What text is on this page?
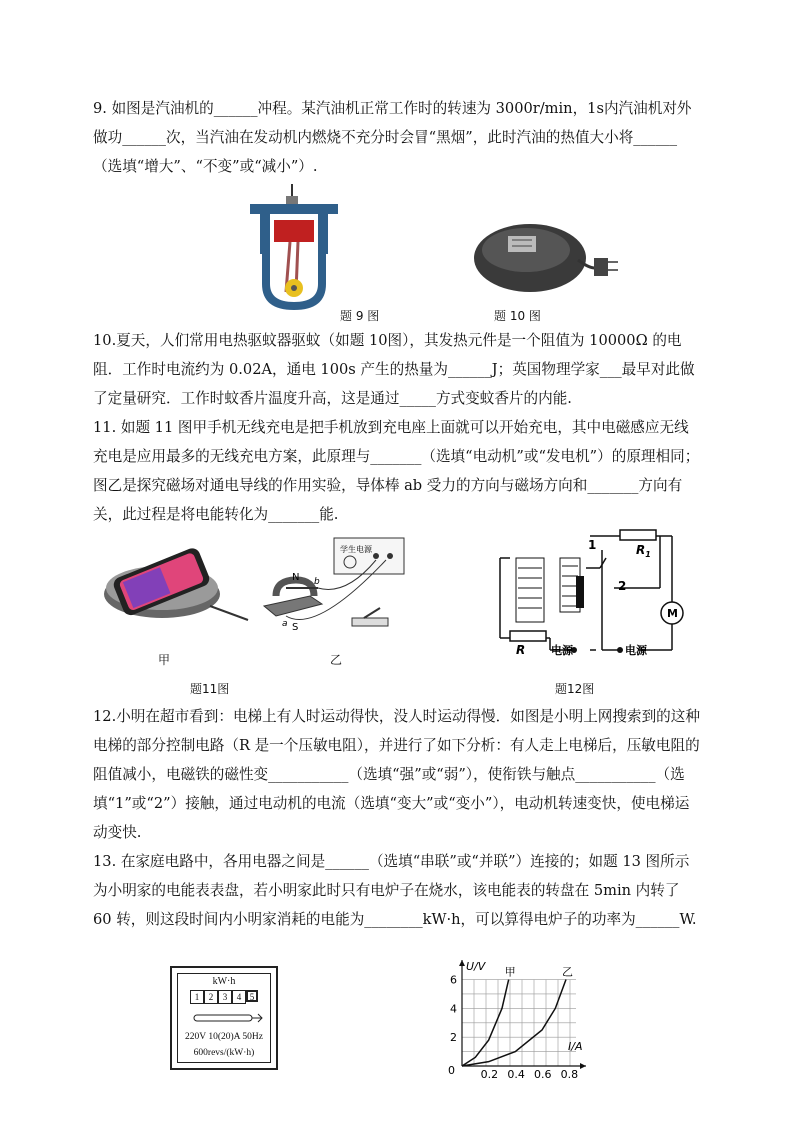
9. 如图是汽油机的______冲程。某汽油机正常工作时的转速为 3000r/min，1s内汽油机对外做功______次，当汽油在发动机内燃烧不充分时会冒“黑烟”，此时汽油的热值大小将______（选填“增大”、“不变”或“减小”）.

题 9 图	题 10 图

10.夏天，人们常用电热驱蚊器驱蚊（如题 10图），其发热元件是一个阻值为 10000Ω 的电阻．工作时电流约为 0.02A，通电 100s 产生的热量为______J；英国物理学家___最早对此做了定量研究．工作时蚊香片温度升高，这是通过_____方式变蚊香片的内能.

11. 如题 11 图甲手机无线充电是把手机放到充电座上面就可以开始充电，其中电磁感应无线充电是应用最多的无线充电方案，此原理与_______（选填“电动机”或“发电机”）的原理相同；图乙是探究磁场对通电导线的作用实验，导体棒 ab 受力的方向与磁场方向和_______方向有关，此过程是将电能转化为_______能.

学生电源
N
S
a
b
甲	乙
题11图
1
2
$R_1$
R
M
电源	电源
题12图

12.小明在超市看到：电梯上有人时运动得快，没人时运动得慢．如图是小明上网搜索到的这种电梯的部分控制电路（R 是一个压敏电阻），并进行了如下分析：有人走上电梯后，压敏电阻的阻值减小，电磁铁的磁性变___________（选填“强”或“弱”），使衔铁与触点___________（选填“1”或“2”）接触，通过电动机的电流（选填“变大”或“变小”），电动机转速变快，使电梯运动变快.

13. 在家庭电路中，各用电器之间是______（选填“串联”或“并联”）连接的；如题 13 图所示为小明家的电能表表盘，若小明家此时只有电炉子在烧水，该电能表的转盘在 5min 内转了 60 转，则这段时间内小明家消耗的电能为________kW·h，可以算得电炉子的功率为______W.

kW·h
1	2	3	4 5
220V 10(20)A 50Hz
600revs/(kW·h)
U/V
I/A
0 0.2 0.4 0.6 0.8
2
4
6
甲	乙
